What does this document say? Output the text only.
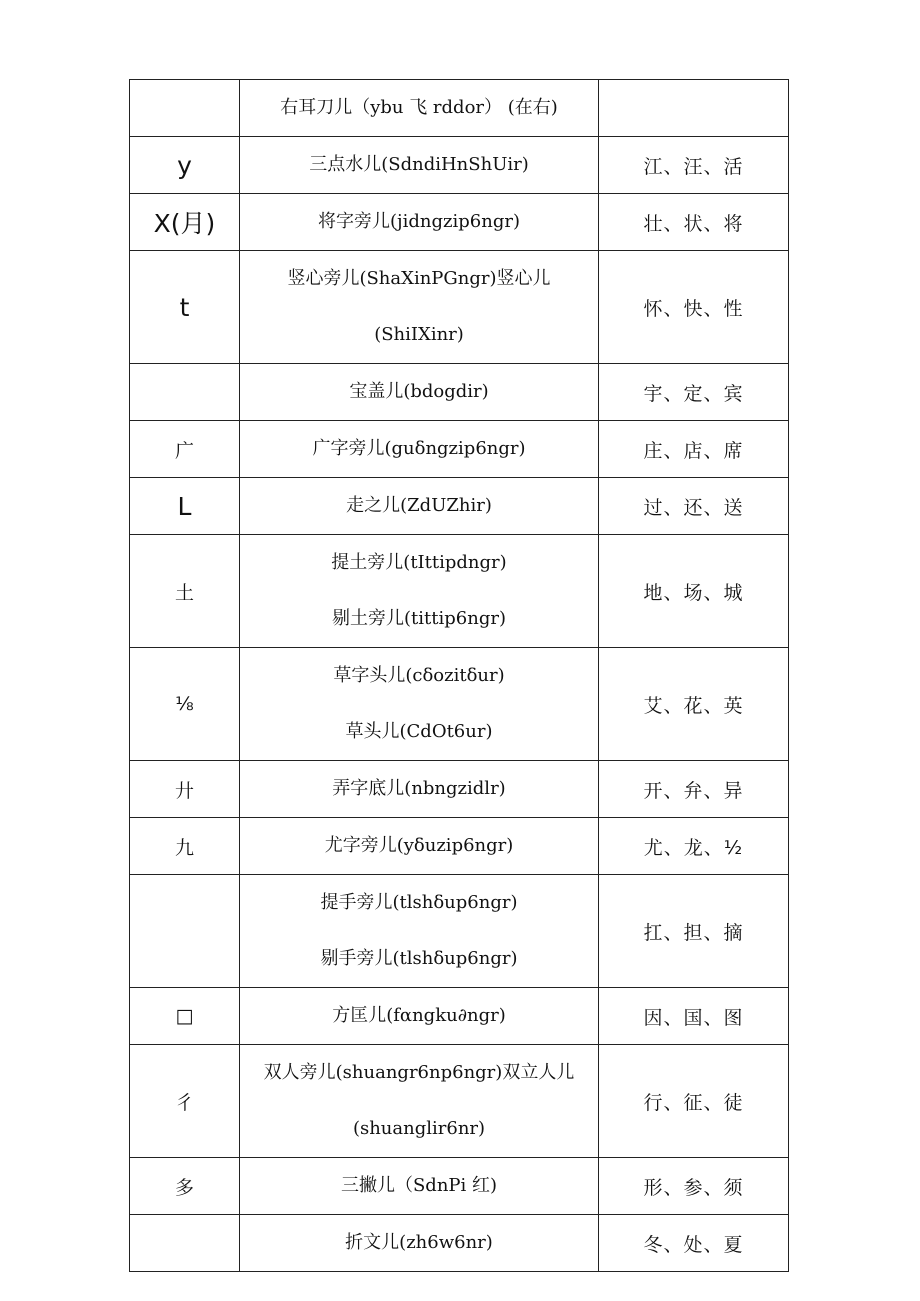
	右耳刀儿（ybu 飞 rddor） (在右)	

y	三点水儿(SdndiHnShUir)	江、汪、活
X(月)	将字旁儿(jidngzip6ngr)	壮、状、将
t	竖心旁儿(ShaXinPGngr)竖心儿
(ShiIXinr)	怀、快、性

	宝盖儿(bdogdir)	宇、定、宾
广	广字旁儿(guδngzip6ngr)	庄、店、席
L	走之儿(ZdUZhir)	过、还、送
土	提土旁儿(tIttipdngr)
剔土旁儿(tittip6ngr)	地、场、城
⅛	草字头儿(cδozitδur)
草头儿(CdOt6ur)	艾、花、英
廾	弄字底儿(nbngzidlr)	开、弁、异
九	尤字旁儿(yδuzip6ngr)	尤、龙、½

	提手旁儿(tlshδup6ngr)
剔手旁儿(tlshδup6ngr)	扛、担、摘
□	方匡儿(fαngku∂ngr)	因、国、图
彳	双人旁儿(shuangr6np6ngr)双立人儿
(shuanglir6nr)	行、征、徒
多	三撇儿（SdnPi 红)	形、参、须

	折文儿(zh6w6nr)	冬、处、夏
